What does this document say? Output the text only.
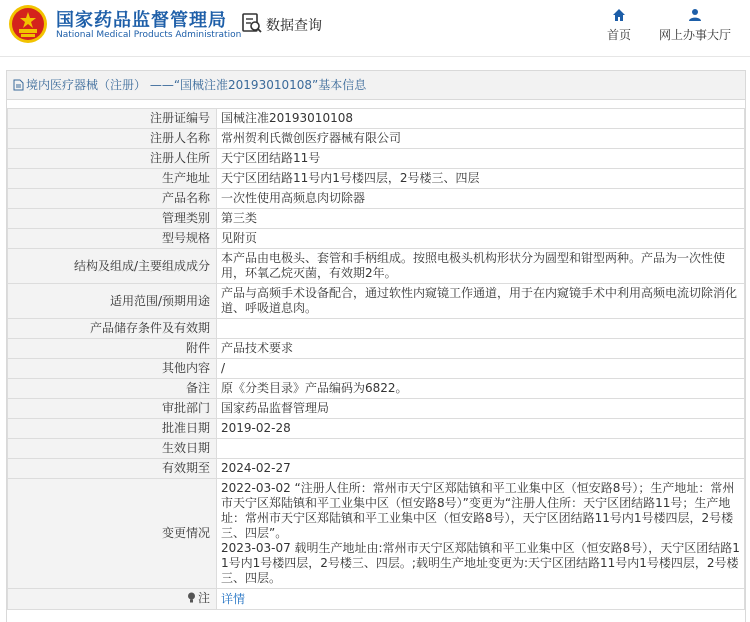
国家药品监督管理局
National Medical Products Administration
数据查询
首页 网上办事大厅
境内医疗器械（注册） ——“国械注准20193010108”基本信息
注册证编号	国械注准20193010108
注册人名称	常州贺利氏微创医疗器械有限公司
注册人住所	天宁区团结路11号
生产地址	天宁区团结路11号内1号楼四层，2号楼三、四层
产品名称	一次性使用高频息肉切除器
管理类别	第三类
型号规格	见附页
结构及组成/主要组成成分	本产品由电极头、套管和手柄组成。按照电极头机构形状分为圆型和钳型两种。产品为一次性使用，环氧乙烷灭菌，有效期2年。
适用范围/预期用途	产品与高频手术设备配合，通过软性内窥镜工作通道，用于在内窥镜手术中利用高频电流切除消化道、呼吸道息肉。
产品储存条件及有效期	
附件	产品技术要求
其他内容	/
备注	原《分类目录》产品编码为6822。
审批部门	国家药品监督管理局
批准日期	2019-02-28
生效日期	
有效期至	2024-02-27
变更情况	2022-03-02 “注册人住所：常州市天宁区郑陆镇和平工业集中区（恒安路8号）；生产地址：常州市天宁区郑陆镇和平工业集中区（恒安路8号）”变更为“注册人住所：天宁区团结路11号；生产地址：常州市天宁区郑陆镇和平工业集中区（恒安路8号），天宁区团结路11号内1号楼四层，2号楼三、四层”。
2023-03-07 载明生产地址由:常州市天宁区郑陆镇和平工业集中区（恒安路8号），天宁区团结路11号内1号楼四层，2号楼三、四层。;载明生产地址变更为:天宁区团结路11号内1号楼四层，2号楼三、四层。
注	详情
